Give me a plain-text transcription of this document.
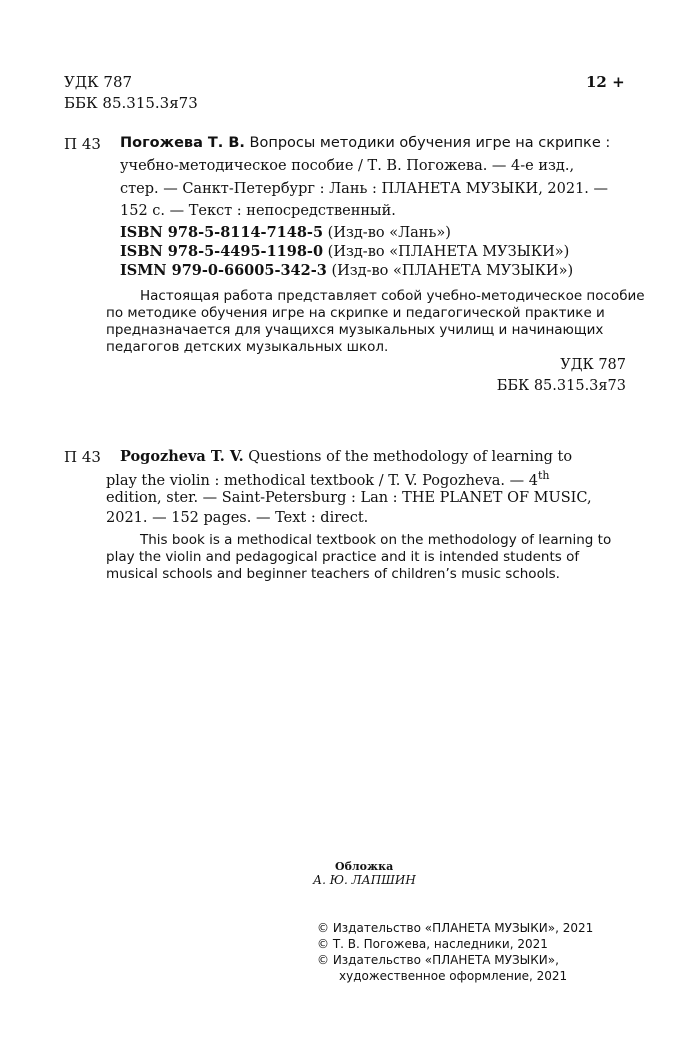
УДК 787
ББК 85.315.3я73
12 +
П 43 Погожева Т. В. Вопросы методики обучения игре на скрипке :
учебно-методическое пособие / Т. В. Погожева. — 4-е изд.,
стер. — Санкт-Петербург : Лань : ПЛАНЕТА МУЗЫКИ, 2021. —
152 с. — Текст : непосредственный.
ISBN 978-5-8114-7148-5 (Изд-во «Лань»)
ISBN 978-5-4495-1198-0 (Изд-во «ПЛАНЕТА МУЗЫКИ»)
ISMN 979-0-66005-342-3 (Изд-во «ПЛАНЕТА МУЗЫКИ»)
Настоящая работа представляет собой учебно-методическое пособие
по методике обучения игре на скрипке и педагогической практике и
предназначается для учащихся музыкальных училищ и начинающих
педагогов детских музыкальных школ.
УДК 787
ББК 85.315.3я73
П 43 Pogozheva T. V. Questions of the methodology of learning to
play the violin : methodical textbook / T. V. Pogozheva. — 4th
edition, ster. — Saint-Petersburg : Lan : THE PLANET OF MUSIC,
2021. — 152 pages. — Text : direct.
This book is a methodical textbook on the methodology of learning to
play the violin and pedagogical practice and it is intended students of
musical schools and beginner teachers of children’s music schools.
Обложка
А. Ю. ЛАПШИН
© Издательство «ПЛАНЕТА МУЗЫКИ», 2021
© Т. В. Погожева, наследники, 2021
© Издательство «ПЛАНЕТА МУЗЫКИ»,
художественное оформление, 2021
